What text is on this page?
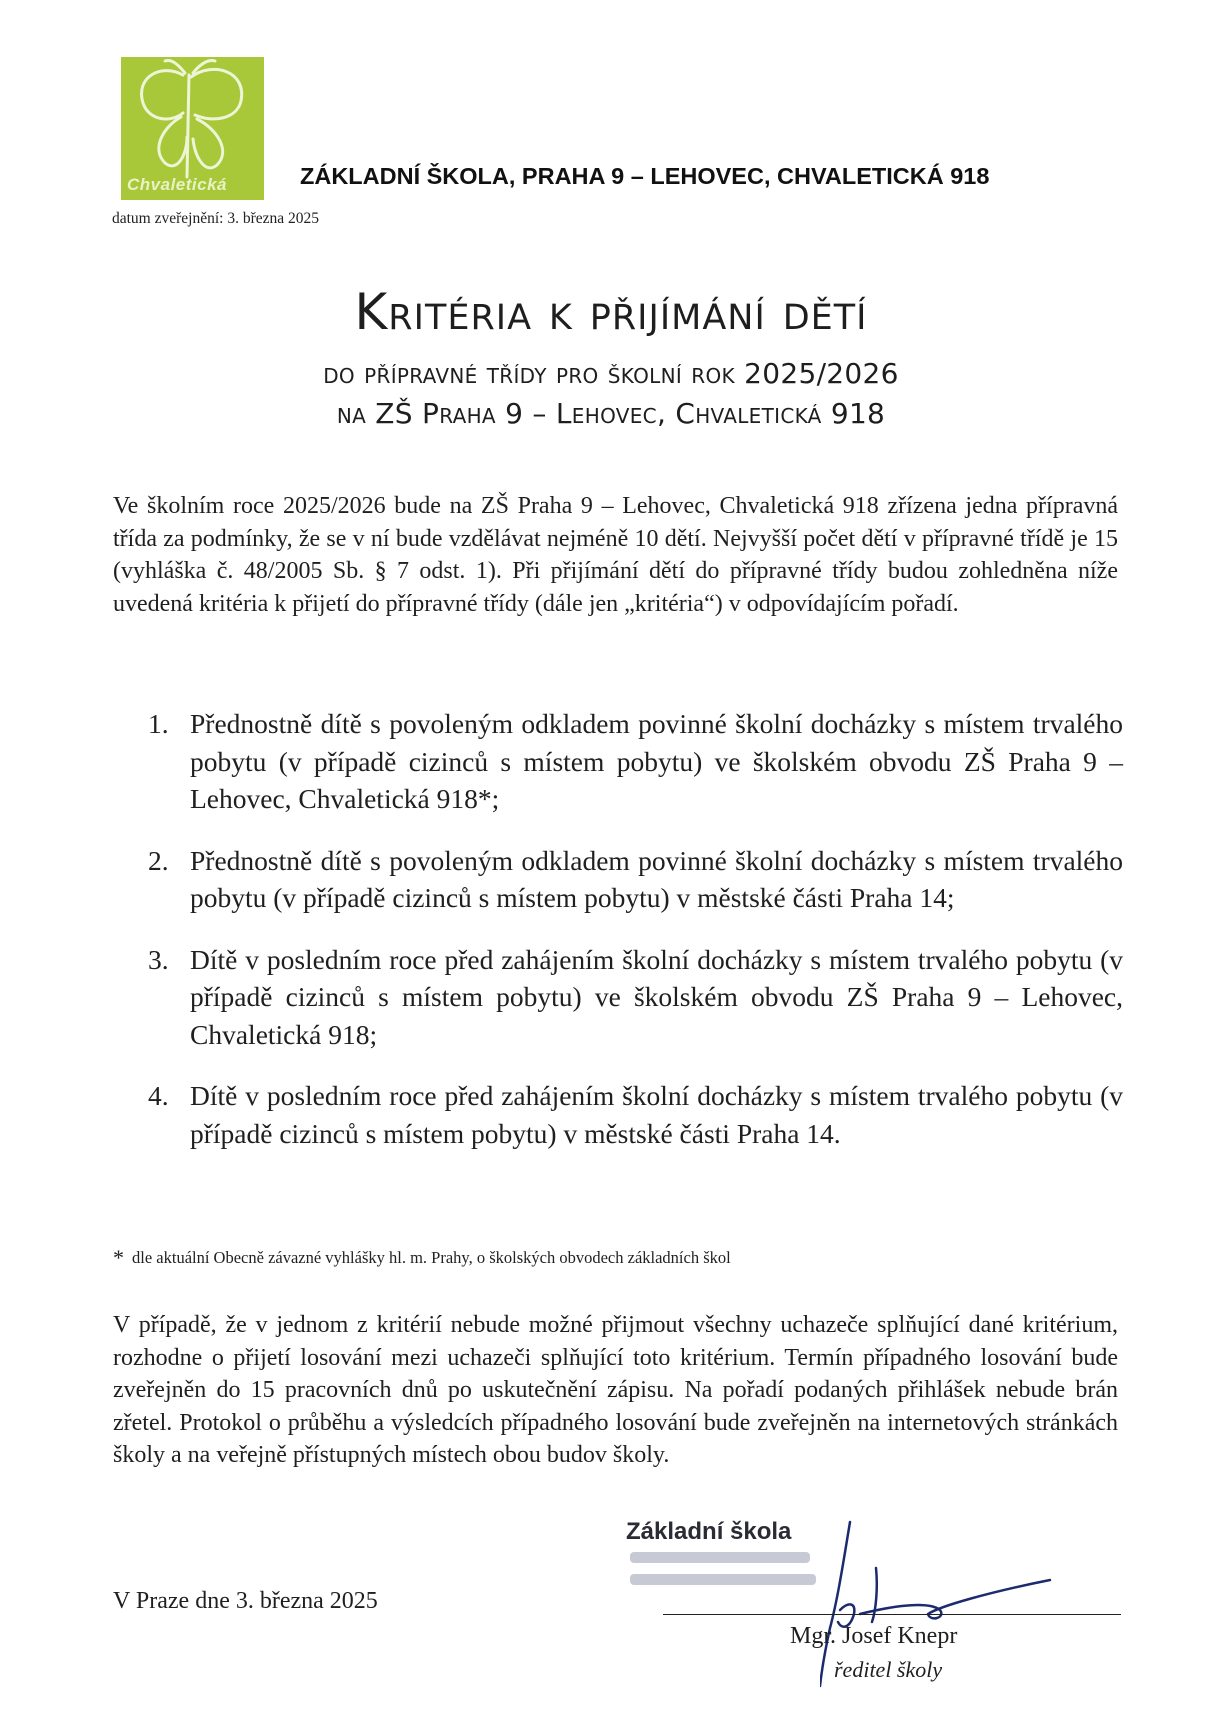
Chvaletická	ZÁKLADNÍ ŠKOLA, PRAHA 9 – LEHOVEC, CHVALETICKÁ 918
datum zveřejnění: 3. března 2025
Kritéria k přijímání dětí
do přípravné třídy pro školní rok 2025/2026
na ZŠ Praha 9 – Lehovec, Chvaletická 918

Ve školním roce 2025/2026 bude na ZŠ Praha 9 – Lehovec, Chvaletická 918 zřízena jedna přípravná třída za podmínky, že se v ní bude vzdělávat nejméně 10 dětí. Nejvyšší počet dětí v přípravné třídě je 15 (vyhláška č. 48/2005 Sb. § 7 odst. 1). Při přijímání dětí do přípravné třídy budou zohledněna níže uvedená kritéria k přijetí do přípravné třídy (dále jen „kritéria“) v odpovídajícím pořadí.

1. Přednostně dítě s povoleným odkladem povinné školní docházky s místem trvalého pobytu (v případě cizinců s místem pobytu) ve školském obvodu ZŠ Praha 9 – Lehovec, Chvaletická 918*;
2. Přednostně dítě s povoleným odkladem povinné školní docházky s místem trvalého pobytu (v případě cizinců s místem pobytu) v městské části Praha 14;
3. Dítě v posledním roce před zahájením školní docházky s místem trvalého pobytu (v případě cizinců s místem pobytu) ve školském obvodu ZŠ Praha 9 – Lehovec, Chvaletická 918;
4. Dítě v posledním roce před zahájením školní docházky s místem trvalého pobytu (v případě cizinců s místem pobytu) v městské části Praha 14.
* dle aktuální Obecně závazné vyhlášky hl. m. Prahy, o školských obvodech základních škol

V případě, že v jednom z kritérií nebude možné přijmout všechny uchazeče splňující dané kritérium, rozhodne o přijetí losování mezi uchazeči splňující toto kritérium. Termín případného losování bude zveřejněn do 15 pracovních dnů po uskutečnění zápisu. Na pořadí podaných přihlášek nebude brán zřetel. Protokol o průběhu a výsledcích případného losování bude zveřejněn na internetových stránkách školy a na veřejně přístupných místech obou budov školy.

V Praze dne 3. března 2025
Základní škola
Mgr. Josef Knepr
ředitel školy
